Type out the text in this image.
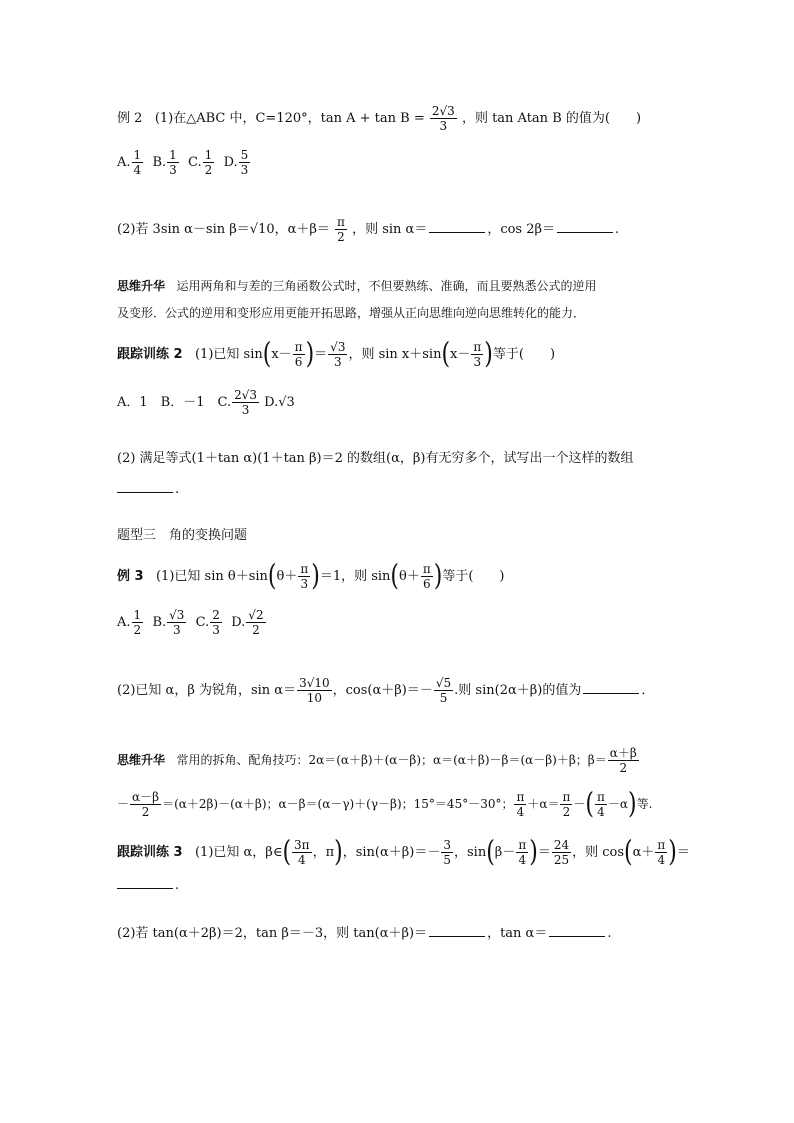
例 2 (1)在△ABC 中，C=120°，$\tan A + \tan B = \frac{2√3}{3}$ ，则 tan Atan B 的值为(　　)
A. $\frac{1}{4} B$. $\frac{1}{3} C$. $\frac{1}{2} D$. $\frac{5}{3}$
(2)若 3sin α－sin β＝√10，$\alpha+\beta= \frac{\pi}{2}$ ，则 sin α＝	，cos 2β＝	.
思维升华 运用两角和与差的三角函数公式时，不但要熟练、准确，而且要熟悉公式的逆用
及变形．公式的逆用和变形应用更能开拓思路，增强从正向思维向逆向思维转化的能力．
跟踪训练 2 (1)已知 $\sin(x- \frac{\pi}{6}$ )＝ $\frac{√3}{3}$ ，则 $\sin x+\sin(x- \frac{\pi}{3}$ )等于(　　)
A．1　B．－1　C. $\frac{2√3}{3} D.√3$
(2) 满足等式(1＋tan α)(1＋tan β)＝2 的数组(α，β)有无穷多个，试写出一个这样的数组
.
题型三　角的变换问题
例 3 (1)已知 $\sin \theta+\sin(\theta+ \frac{\pi}{3} )=1$，则 $\sin(\theta+ \frac{\pi}{6}$ )等于(　　)
A. $\frac{1}{2} B$. $\frac{√3}{3} C$. $\frac{2}{3} D$. $\frac{√2}{2}$
(2)已知 α，β 为锐角，$\sin \alpha= \frac{3√10}{10}$ ，$\cos(\alpha+\beta)=- \frac{√5}{5}$ .则 sin(2α＋β)的值为	．
思维升华 常用的拆角、配角技巧：2α＝(α＋β)＋(α－β)；α＝(α＋β)－β＝(α－β)＋β；$\beta= \frac{\alpha+\beta}{2}$
－ $\frac{\alpha-\beta}{2} =(\alpha+2\beta)-(\alpha+\beta)$；α－β＝(α－γ)＋(γ－β)；15°＝45°－30°； $\frac{\pi}{4} +\alpha= \frac{\pi}{2}$ －( $\frac{\pi}{4} -\alpha$)等.
跟踪训练 3 (1)已知 α，β∈( $\frac{3\pi}{4}$ ，π)，$\sin(\alpha+\beta)=- \frac{3}{5}$ ，$\sin(\beta- \frac{\pi}{4}$ )＝ $\frac{24}{25}$ ，则 $\cos(\alpha+ \frac{\pi}{4}$ )＝
.
(2)若 tan(α＋2β)＝2，tan β＝－3，则 tan(α＋β)＝	，tan α＝	.
